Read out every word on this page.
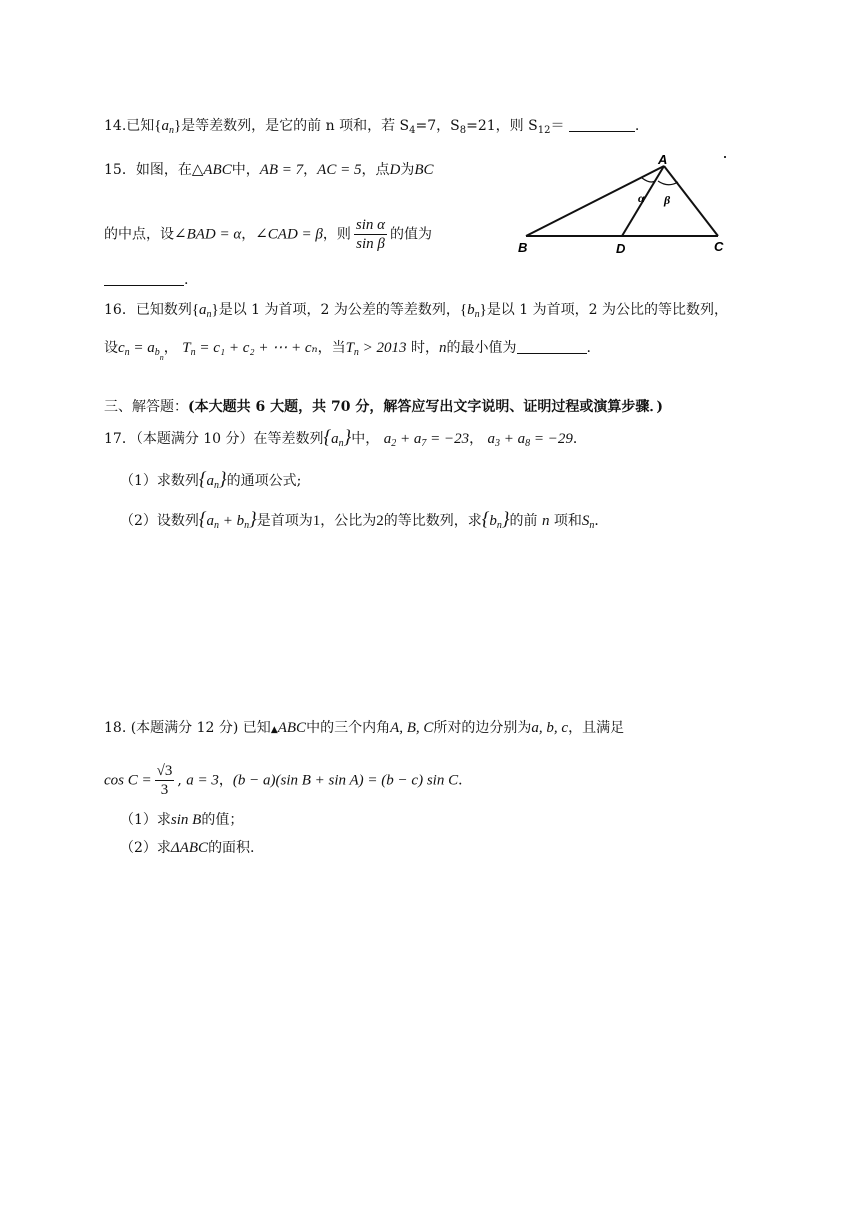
14.已知$\{a_n\}$是等差数列，是它的前 n 项和，若 $S_4=7$，$S_8=21$，则 $S_{12}=$	.
15．如图，在△ABC中，AB = 7，AC = 5，点D为BC
的中点，设∠BAD = α，∠CAD = β，则 $\frac{\text{sin α}}{\text{sin β}}$ 的值为
.
A
B	D	C
α β
16．已知数列$\{a_n\}$是以 1 为首项，2 为公差的等差数列，$\{b_n\}$是以 1 为首项，2 为公比的等比数列，
设$c_n = a_{b_n}$， $T_n = c_1 + c_2$ + ⋯ + cₙ，当$T_n > 2013$ 时，n的最小值为	.
三、解答题：(本大题共 6 大题，共 70 分，解答应写出文字说明、证明过程或演算步骤．)
17．（本题满分 10 分）在等差数列$\{a_n\}$中， $a_2 + a_7 = -23$， $a_3 + a_8 = -29$．
（1）求数列$\{a_n\}$的通项公式;
（2）设数列$\{a_n + b_n\}$是首项为1，公比为2的等比数列，求$\{b_n\}$的前 n 项和$S_n$．
18. (本题满分 12 分) 已知▲ABC中的三个内角A, B, C所对的边分别为a, b, c，且满足
$\cos C = \frac{√3}{3}$ , a = 3，(b − a)(sin B + sin A) = (b − c) sin C．
（1）求sin B的值；
（2）求ΔABC的面积.
